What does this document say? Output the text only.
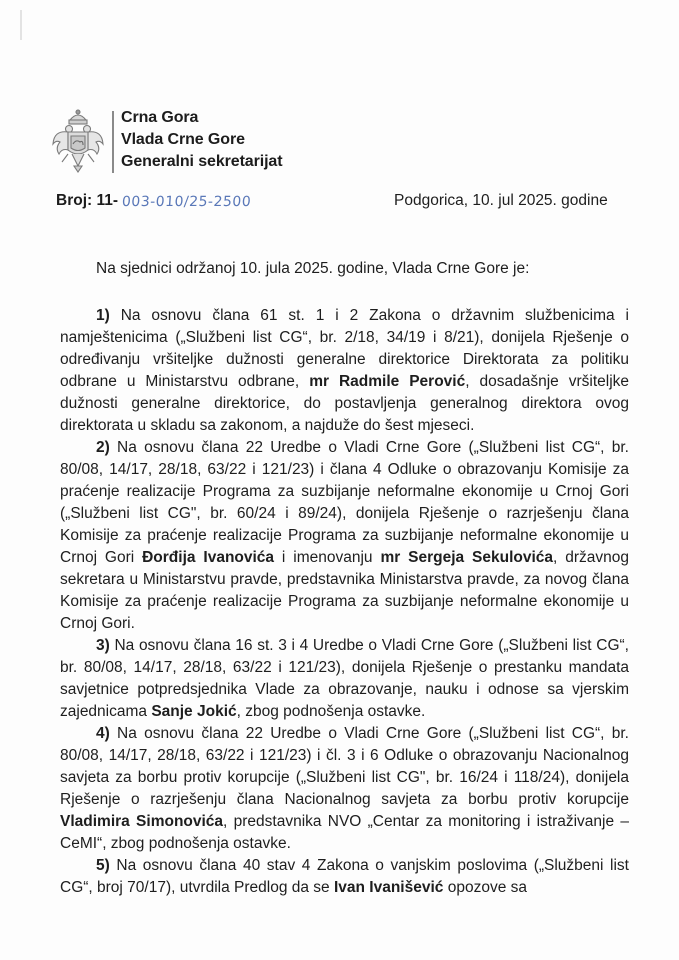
Crna Gora
Vlada Crne Gore
Generalni sekretarijat
Broj: 11- 003-010/25-2500	Podgorica, 10. jul 2025. godine
Na sjednici održanoj 10. jula 2025. godine, Vlada Crne Gore je:

1) Na osnovu člana 61 st. 1 i 2 Zakona o državnim službenicima i namještenicima („Službeni list CG“, br. 2/18, 34/19 i 8/21), donijela Rješenje o određivanju vršiteljke dužnosti generalne direktorice Direktorata za politiku odbrane u Ministarstvu odbrane, mr Radmile Perović, dosadašnje vršiteljke dužnosti generalne direktorice, do postavljenja generalnog direktora ovog direktorata u skladu sa zakonom, a najduže do šest mjeseci.

2) Na osnovu člana 22 Uredbe o Vladi Crne Gore („Službeni list CG“, br. 80/08, 14/17, 28/18, 63/22 i 121/23) i člana 4 Odluke o obrazovanju Komisije za praćenje realizacije Programa za suzbijanje neformalne ekonomije u Crnoj Gori („Službeni list CG", br. 60/24 i 89/24), donijela Rješenje o razrješenju člana Komisije za praćenje realizacije Programa za suzbijanje neformalne ekonomije u Crnoj Gori Đorđija Ivanovića i imenovanju mr Sergeja Sekulovića, državnog sekretara u Ministarstvu pravde, predstavnika Ministarstva pravde, za novog člana Komisije za praćenje realizacije Programa za suzbijanje neformalne ekonomije u Crnoj Gori.

3) Na osnovu člana 16 st. 3 i 4 Uredbe o Vladi Crne Gore („Službeni list CG“, br. 80/08, 14/17, 28/18, 63/22 i 121/23), donijela Rješenje o prestanku mandata savjetnice potpredsjednika Vlade za obrazovanje, nauku i odnose sa vjerskim zajednicama Sanje Jokić, zbog podnošenja ostavke.

4) Na osnovu člana 22 Uredbe o Vladi Crne Gore („Službeni list CG“, br. 80/08, 14/17, 28/18, 63/22 i 121/23) i čl. 3 i 6 Odluke o obrazovanju Nacionalnog savjeta za borbu protiv korupcije („Službeni list CG", br. 16/24 i 118/24), donijela Rješenje o razrješenju člana Nacionalnog savjeta za borbu protiv korupcije Vladimira Simonovića, predstavnika NVO „Centar za monitoring i istraživanje – CeMI“, zbog podnošenja ostavke.

5) Na osnovu člana 40 stav 4 Zakona o vanjskim poslovima („Službeni list CG“, broj 70/17), utvrdila Predlog da se Ivan Ivanišević opozove sa
